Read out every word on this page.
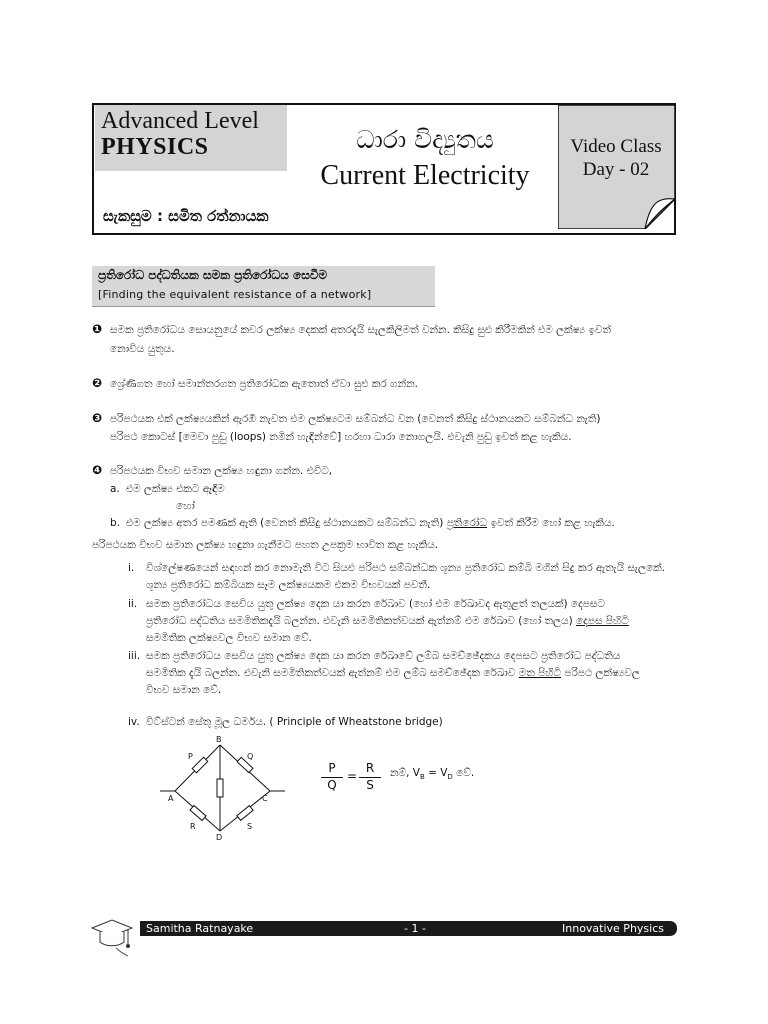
Advanced Level
PHYSICS	ධාරා විද්‍යුතය
Current Electricity
සැකසුම : සමිත රත්නායක
Video Class
Day - 02
ප්‍රතිරෝධ පද්ධතියක සමක ප්‍රතිරෝධය සෙවීම
[Finding the equivalent resistance of a network]
❶ සමක ප්‍රතිරෝධය සොයනුයේ කවර ලක්ෂ්‍ය දෙකක් අතරදැයි සැලකිලිමත් වන්න. කිසිදු සුළු කිරීමකින් එම ලක්ෂ්‍ය ඉවත්
නොවිය යුතුය.
❷ ශ්‍රේණිගත හෝ සමාන්තරගත ප්‍රතිරෝධක ඇතොත් ඒවා සුළු කර ගන්න.
❸ පරිපථයක එක් ලක්ෂ්‍යයකින් ඇරඹී නැවත එම ලක්ෂ්‍යටම සම්බන්ධ වන (වෙනත් කිසිදු ස්ථානයකට සම්බන්ධ නැති)
පරිපථ කොටස් [මෙවා පුඩු (loops) නමින් හැඳින්වේ] හරහා ධාරා නොගලයි. එවැනි පුඩු ඉවත් කළ හැකිය.
❹ පරිපථයක විභව සමාන ලක්ෂ්‍ය හඳුනා ගන්න. එවිට,
a. එම ලක්ෂ්‍ය එකට ඈඳීම
හෝ
b. එම ලක්ෂ්‍ය අතර පමණක් ඇති (වෙනත් කිසිදු ස්ථානයකට සම්බන්ධ නැති) ප්‍රතිරෝධ ඉවත් කිරීම හෝ කළ හැකිය.
පරිපථයක විභව සමාන ලක්ෂ්‍ය හඳුනා ගැනීමට පහත උපක්‍රම භාවිත කළ හැකිය.
i. විශ්ලේෂණයෙන් සඳහන් කර නොමැති විට සියළු පරිපථ සම්බන්ධක ශූන්‍ය ප්‍රතිරෝධ කම්බි මගින් සිදු කර ඇතැයි සැලකේ.
ශූන්‍ය ප්‍රතිරෝධ කම්බියක සෑම ලක්ෂ්‍යයකම එකම විභවයක් පවතී.
ii. සමක ප්‍රතිරෝධය සෙවිය යුතු ලක්ෂ්‍ය දෙක යා කරන රේඛාව (හෝ එම රේඛාවද ඇතුළත් තලයක්) දෙපසට
ප්‍රතිරෝධ පද්ධතිය සමමිතිකදැයි බලන්න. එවැනි සමමිතිකත්වයක් ඇත්නම් එම රේඛාව (හෝ තලය) දෙපස පිහිටි
සමමිතික ලක්ෂ්‍යවල විභව සමාන වේ.
iii. සමක ප්‍රතිරෝධය සෙවිය යුතු ලක්ෂ්‍ය දෙක යා කරන රේඛාවේ ලම්බ සමච්ඡේදකය දෙපසට ප්‍රතිරෝධ පද්ධතිය
සමමිතික දැයි බලන්න. එවැනි සමමිතිකත්වයක් ඇත්නම් එම ලම්බ සමච්ඡේදක රේඛාව මත පිහිටි පරිපථ ලක්ෂ්‍යවල
විභව සමාන වේ.
iv. විට්ස්ටන් සේතු මූල ධර්මය. ( Principle of Wheatstone bridge)
B
A	C
D
P	Q
R	S
P
Q
=
R
S
නම්, $V_B = V_D$ වේ.
Samitha Ratnayake	- 1 -	Innovative Physics
